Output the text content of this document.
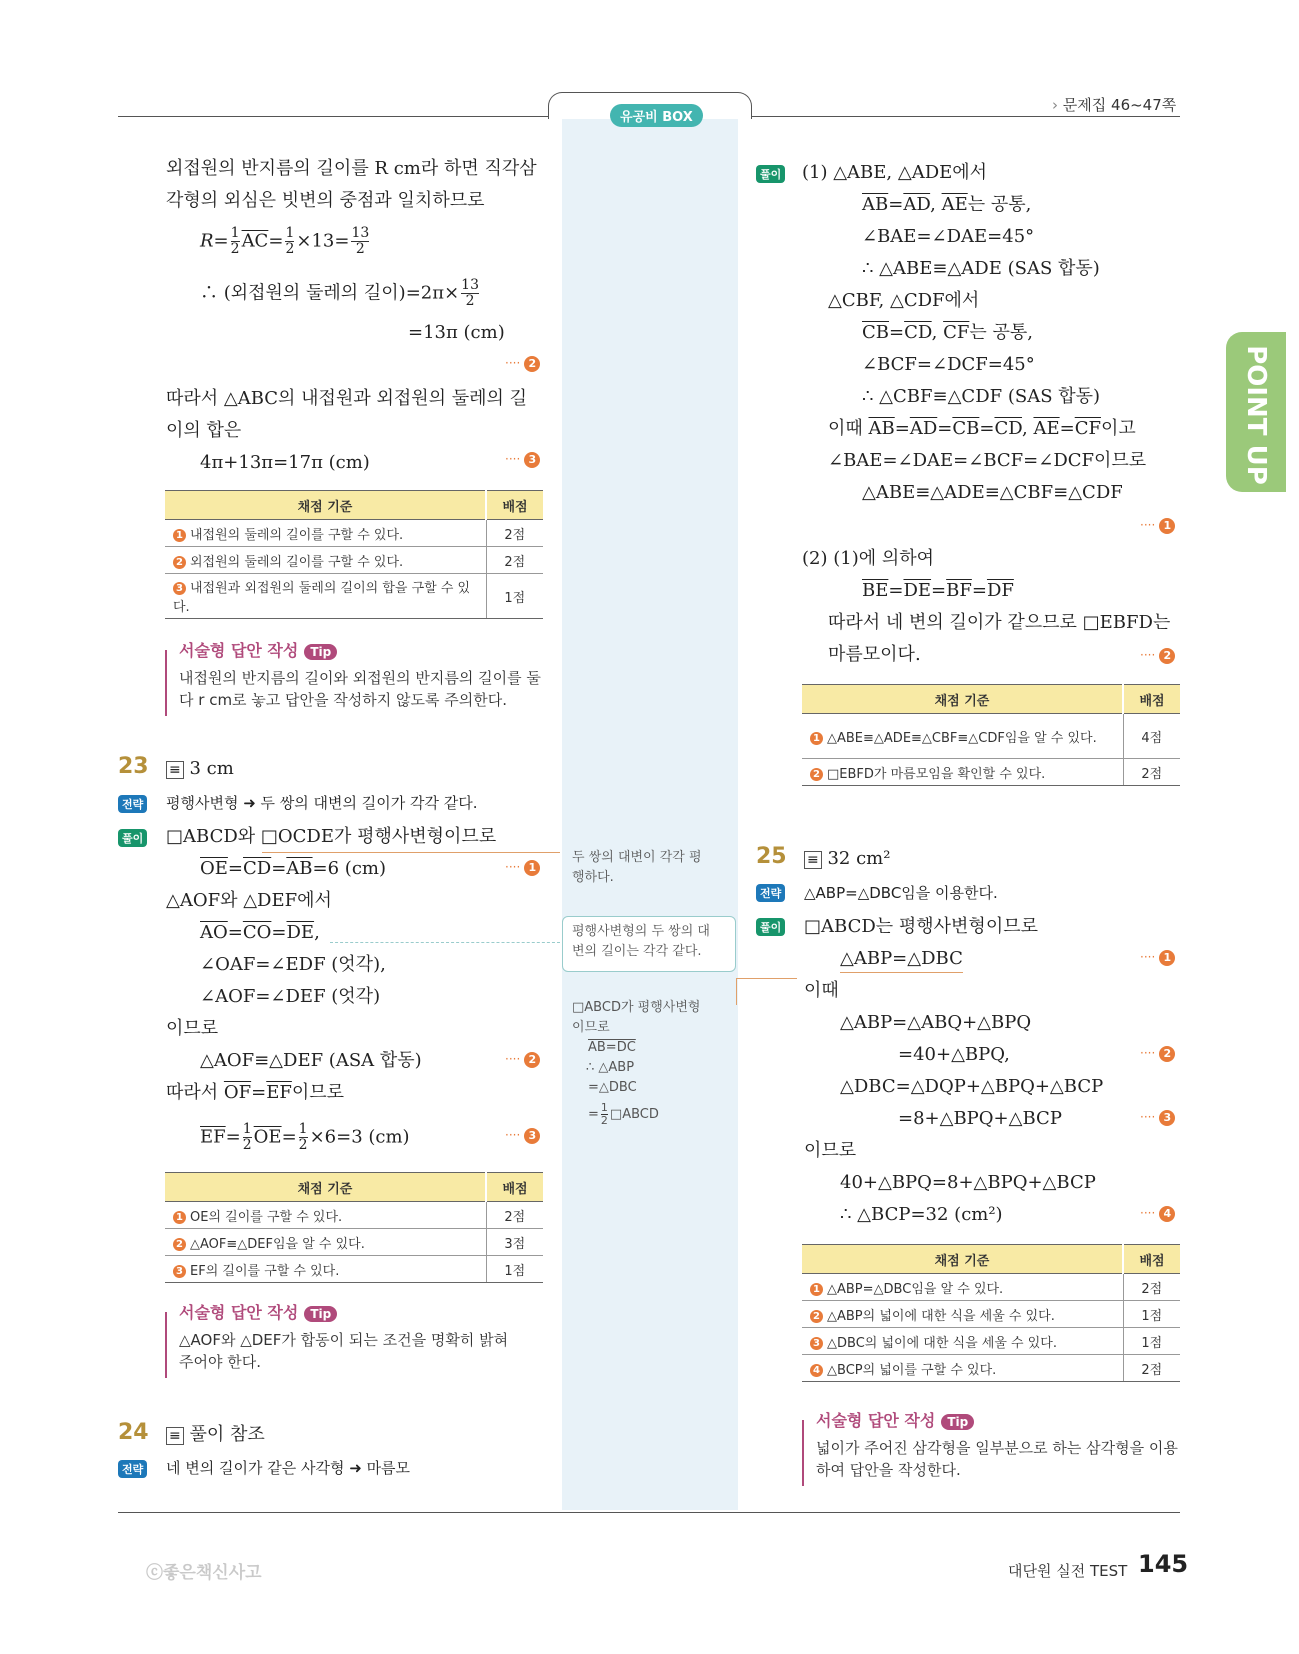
유공비 BOX
› 문제집 46~47쪽
POINT UP
외접원의 반지름의 길이를 R cm라 하면 직각삼
각형의 외심은 빗변의 중점과 일치하므로
$R= \frac{1}{2} \overline{AC}= \frac{1}{2} \times 13= \frac{13}{2}$
∴ (외접원의 둘레의 길이)$=2\pi\times \frac{13}{2}$
=13π (cm)
···· 2
따라서 △ABC의 내접원과 외접원의 둘레의 길
이의 합은
4π+13π=17π (cm)	···· 3
채점 기준	배점
1 내접원의 둘레의 길이를 구할 수 있다.	2점
2 외접원의 둘레의 길이를 구할 수 있다.	2점
3 내접원과 외접원의 둘레의 길이의 합을 구할 수 있다.	1점
서술형 답안 작성 Tip
내접원의 반지름의 길이와 외접원의 반지름의 길이를 둘
다 r cm로 놓고 답안을 작성하지 않도록 주의한다.
23 ≡ 3 cm
전략 평행사변형 ➜ 두 쌍의 대변의 길이가 각각 같다.
풀이 □ABCD와 □OCDE가 평행사변형이므로
$\overline{OE}=\overline{CD}=\overline{AB}=6$ (cm)	···· 1
△AOF와 △DEF에서
$\overline{AO}=\overline{CO}=\overline{DE}$,
∠OAF=∠EDF (엇각),
∠AOF=∠DEF (엇각)
이므로
△AOF≡△DEF (ASA 합동)	···· 2
따라서 $\overline{OF}=\overline{EF}$이므로
$\overline{EF}= \frac{1}{2} \overline{OE}= \frac{1}{2} \times 6=3$ (cm)	···· 3
채점 기준	배점
1 OE의 길이를 구할 수 있다.	2점
2 △AOF≡△DEF임을 알 수 있다.	3점
3 EF의 길이를 구할 수 있다.	1점
서술형 답안 작성 Tip
△AOF와 △DEF가 합동이 되는 조건을 명확히 밝혀
주어야 한다.
24 ≡ 풀이 참조
전략 네 변의 길이가 같은 사각형 ➜ 마름모
두 쌍의 대변이 각각 평
행하다.
평행사변형의 두 쌍의 대
변의 길이는 각각 같다.
□ABCD가 평행사변형
이므로
AB=DC
∴ △ABP
=△DBC
= $\frac{1}{2}$ □ABCD
풀이 (1) △ABE, △ADE에서
$\overline{AB}=\overline{AD}$, $\overline{AE}$는 공통,
∠BAE=∠DAE=45°
∴ △ABE≡△ADE (SAS 합동)
△CBF, △CDF에서
$\overline{CB}=\overline{CD}$, $\overline{CF}$는 공통,
∠BCF=∠DCF=45°
∴ △CBF≡△CDF (SAS 합동)
이때 $\overline{AB}=\overline{AD}=\overline{CB}=\overline{CD}$, $\overline{AE}=\overline{CF}$이고
∠BAE=∠DAE=∠BCF=∠DCF이므로
△ABE≡△ADE≡△CBF≡△CDF
···· 1
(2) (1)에 의하여
$\overline{BE}=\overline{DE}=\overline{BF}=\overline{DF}$
따라서 네 변의 길이가 같으므로 □EBFD는
마름모이다.	···· 2
채점 기준	배점
1 △ABE≡△ADE≡△CBF≡△CDF임을 알 수 있다.	4점
2 □EBFD가 마름모임을 확인할 수 있다.	2점
25 ≡ 32 cm²
전략 △ABP=△DBC임을 이용한다.
풀이 □ABCD는 평행사변형이므로
△ABP=△DBC	···· 1
이때
△ABP=△ABQ+△BPQ
=40+△BPQ,	···· 2
△DBC=△DQP+△BPQ+△BCP
=8+△BPQ+△BCP	···· 3
이므로
40+△BPQ=8+△BPQ+△BCP
∴ △BCP=32 (cm²)	···· 4
채점 기준	배점
1 △ABP=△DBC임을 알 수 있다.	2점
2 △ABP의 넓이에 대한 식을 세울 수 있다.	1점
3 △DBC의 넓이에 대한 식을 세울 수 있다.	1점
4 △BCP의 넓이를 구할 수 있다.	2점
서술형 답안 작성 Tip
넓이가 주어진 삼각형을 일부분으로 하는 삼각형을 이용
하여 답안을 작성한다.
ⓒ좋은책신사고	대단원 실전 TEST 145
